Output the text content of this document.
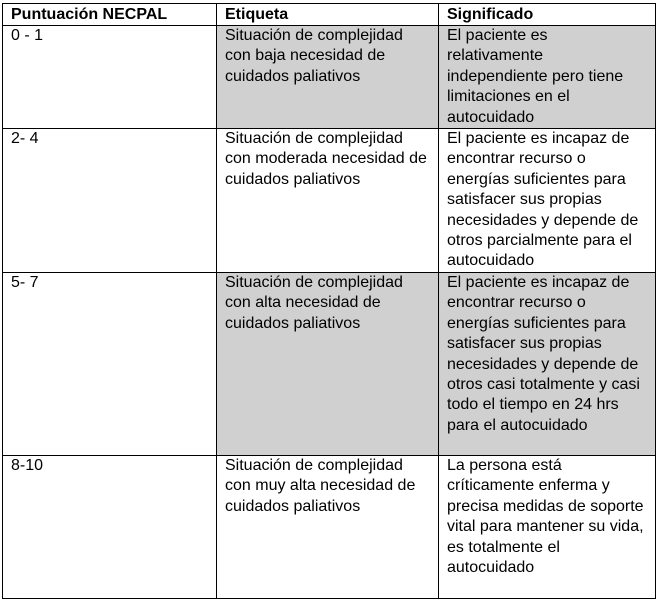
Puntuación NECPAL	Etiqueta	Significado
0 - 1	Situación de complejidad con baja necesidad de cuidados paliativos	El paciente es relativamente independiente pero tiene limitaciones en el autocuidado
2- 4	Situación de complejidad con moderada necesidad de cuidados paliativos	El paciente es incapaz de encontrar recurso o energías suficientes para satisfacer sus propias necesidades y depende de otros parcialmente para el autocuidado
5- 7	Situación de complejidad con alta necesidad de cuidados paliativos	El paciente es incapaz de encontrar recurso o energías suficientes para satisfacer sus propias necesidades y depende de otros casi totalmente y casi todo el tiempo en 24 hrs para el autocuidado
8-10	Situación de complejidad con muy alta necesidad de cuidados paliativos	La persona está críticamente enferma y precisa medidas de soporte vital para mantener su vida, es totalmente el autocuidado
